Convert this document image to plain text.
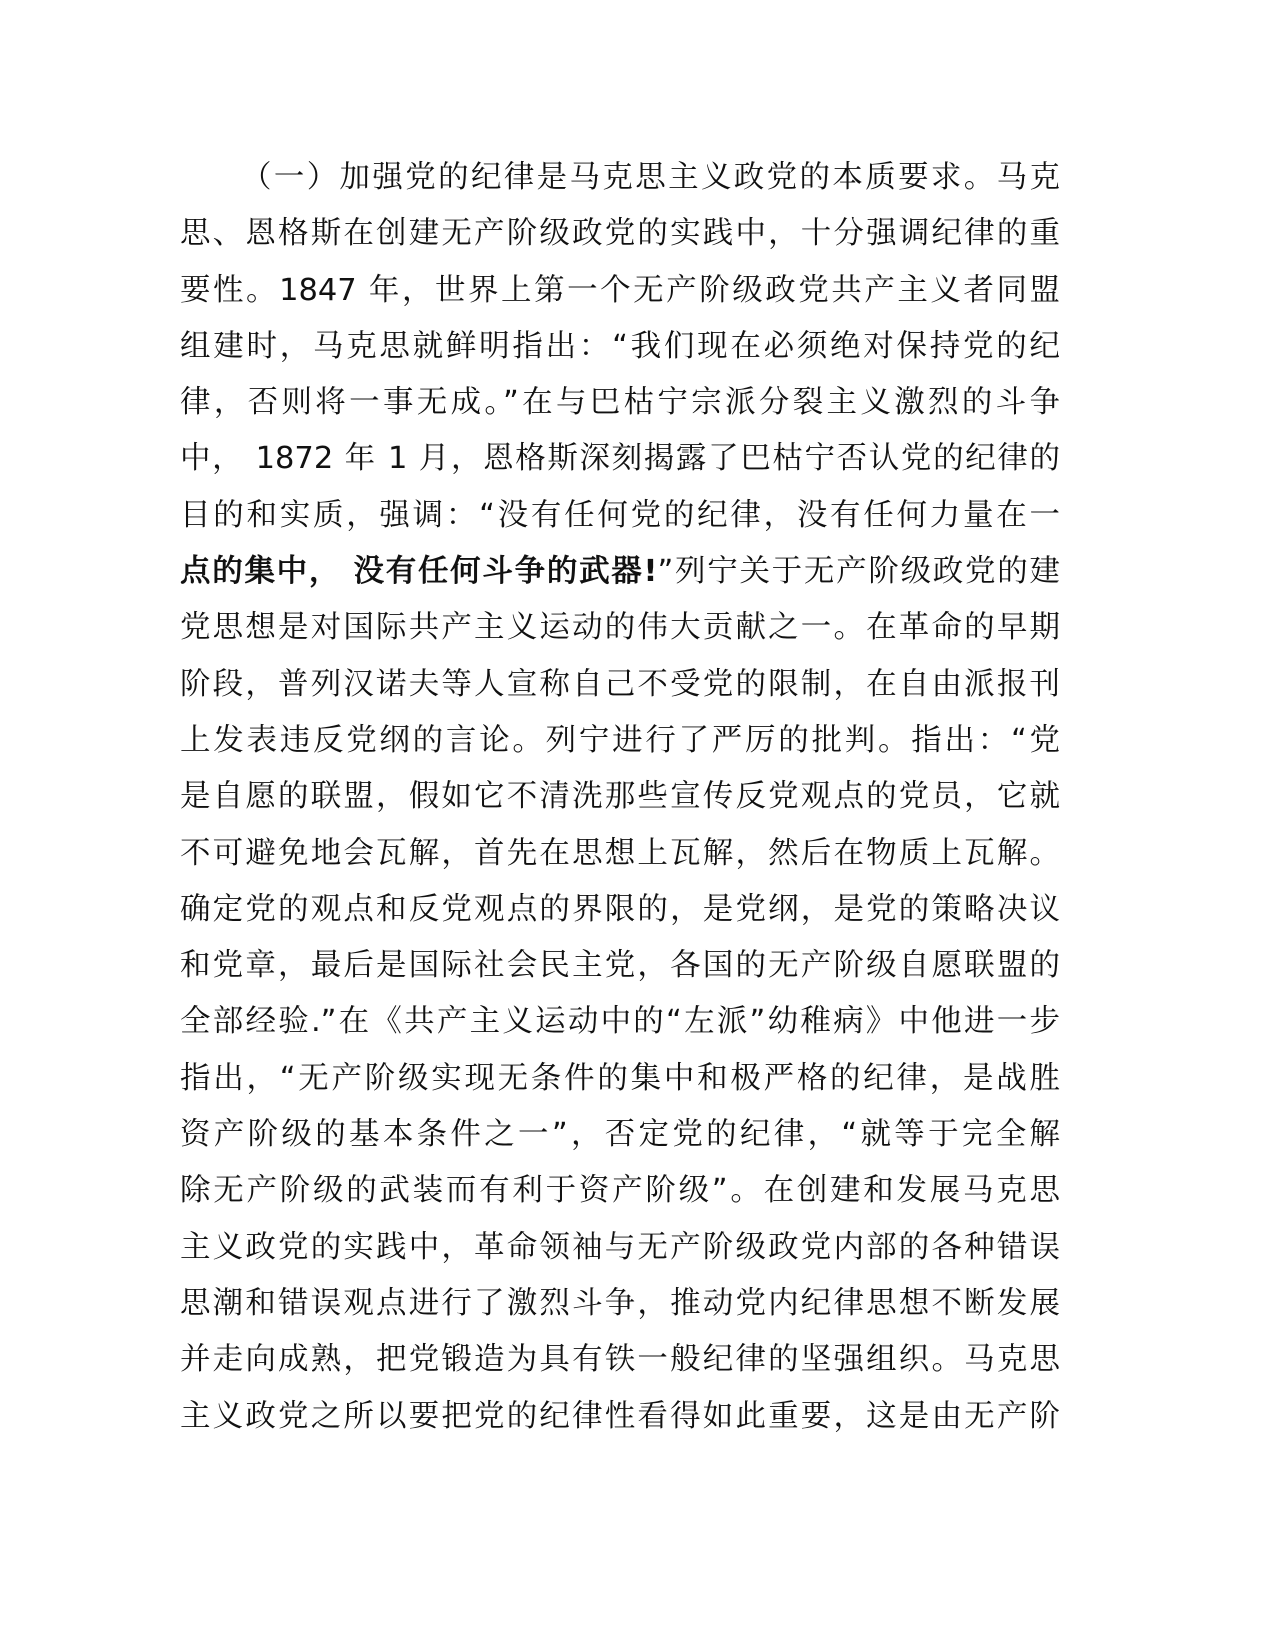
（一）加强党的纪律是马克思主义政党的本质要求。马克
思、恩格斯在创建无产阶级政党的实践中，十分强调纪律的重
要性。1847 年，世界上第一个无产阶级政党共产主义者同盟
组建时，马克思就鲜明指出：“我们现在必须绝对保持党的纪
律，否则将一事无成。”在与巴枯宁宗派分裂主义激烈的斗争
中， 1872 年 1 月，恩格斯深刻揭露了巴枯宁否认党的纪律的
目的和实质，强调：“没有任何党的纪律，没有任何力量在一
点的集中， 没有任何斗争的武器!”列宁关于无产阶级政党的建
党思想是对国际共产主义运动的伟大贡献之一。在革命的早期
阶段，普列汉诺夫等人宣称自己不受党的限制，在自由派报刊
上发表违反党纲的言论。列宁进行了严厉的批判。指出：“党
是自愿的联盟，假如它不清洗那些宣传反党观点的党员，它就
不可避免地会瓦解，首先在思想上瓦解，然后在物质上瓦解。
确定党的观点和反党观点的界限的，是党纲，是党的策略决议
和党章，最后是国际社会民主党，各国的无产阶级自愿联盟的
全部经验.”在《共产主义运动中的“左派”幼稚病》中他进一步
指出，“无产阶级实现无条件的集中和极严格的纪律，是战胜
资产阶级的基本条件之一”，否定党的纪律，“就等于完全解
除无产阶级的武装而有利于资产阶级”。在创建和发展马克思
主义政党的实践中，革命领袖与无产阶级政党内部的各种错误
思潮和错误观点进行了激烈斗争，推动党内纪律思想不断发展
并走向成熟，把党锻造为具有铁一般纪律的坚强组织。马克思
主义政党之所以要把党的纪律性看得如此重要，这是由无产阶
